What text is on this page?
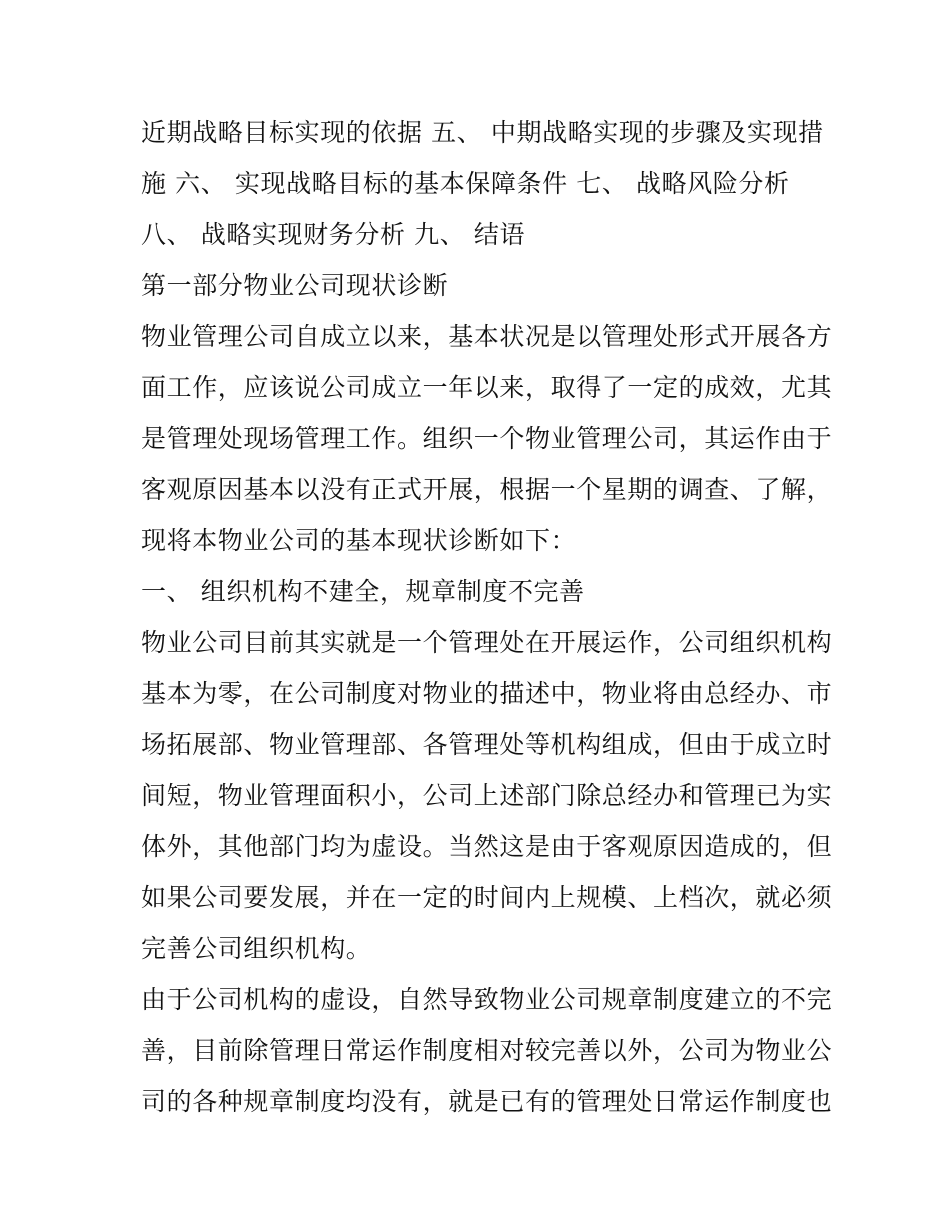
近期战略目标实现的依据 五、 中期战略实现的步骤及实现措
施 六、 实现战略目标的基本保障条件 七、 战略风险分析
八、 战略实现财务分析 九、 结语
第一部分物业公司现状诊断
物业管理公司自成立以来，基本状况是以管理处形式开展各方
面工作，应该说公司成立一年以来，取得了一定的成效，尤其
是管理处现场管理工作。组织一个物业管理公司，其运作由于
客观原因基本以没有正式开展，根据一个星期的调查、了解，
现将本物业公司的基本现状诊断如下：
一、 组织机构不建全，规章制度不完善
物业公司目前其实就是一个管理处在开展运作，公司组织机构
基本为零，在公司制度对物业的描述中，物业将由总经办、市
场拓展部、物业管理部、各管理处等机构组成，但由于成立时
间短，物业管理面积小，公司上述部门除总经办和管理已为实
体外，其他部门均为虚设。当然这是由于客观原因造成的，但
如果公司要发展，并在一定的时间内上规模、上档次，就必须
完善公司组织机构。
由于公司机构的虚设，自然导致物业公司规章制度建立的不完
善，目前除管理日常运作制度相对较完善以外，公司为物业公
司的各种规章制度均没有，就是已有的管理处日常运作制度也
